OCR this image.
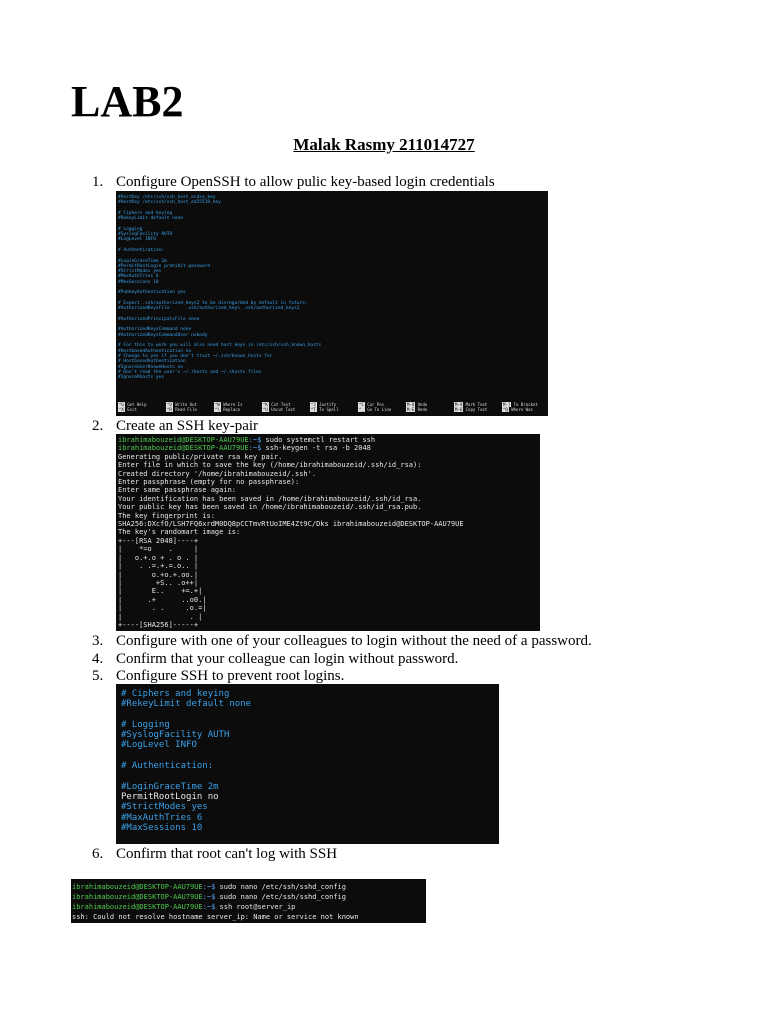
LAB2
Malak Rasmy 211014727
1. Configure OpenSSH to allow pulic key-based login credentials
#HostKey /etc/ssh/ssh_host_ecdsa_key
#HostKey /etc/ssh/ssh_host_ed25519_key

# Ciphers and keying
#RekeyLimit default none

# Logging
#SyslogFacility AUTH
#LogLevel INFO

# Authentication:

#LoginGraceTime 2m
#PermitRootLogin prohibit-password
#StrictModes yes
#MaxAuthTries 6
#MaxSessions 10

#PubkeyAuthentication yes

# Expect .ssh/authorized_keys2 to be disregarded by default in future.
#AuthorizedKeysFile      .ssh/authorized_keys .ssh/authorized_keys2

#AuthorizedPrincipalsFile none

#AuthorizedKeysCommand none
#AuthorizedKeysCommandUser nobody

# For this to work you will also need host keys in /etc/ssh/ssh_known_hosts
#HostbasedAuthentication no
# Change to yes if you don't trust ~/.ssh/known_hosts for
# HostbasedAuthentication
#IgnoreUserKnownHosts no
# Don't read the user's ~/.rhosts and ~/.shosts files
#IgnoreRhosts yes
^G Get Help
^X Exit
^O Write Out
^R Read File
^W Where Is
^\ Replace
^K Cut Text
^U Uncut Text
^J Justify
^T To Spell
^C Cur Pos
^_ Go To Line
M-U Undo
M-E Redo
M-A Mark Text
M-6 Copy Text
M-] To Bracket
^Q Where Was
2. Create an SSH key-pair
ibrahimabouzeid@DESKTOP-AAU79UE:~$ sudo systemctl restart ssh
ibrahimabouzeid@DESKTOP-AAU79UE:~$ ssh-keygen -t rsa -b 2048
Generating public/private rsa key pair.
Enter file in which to save the key (/home/ibrahimabouzeid/.ssh/id_rsa):
Created directory '/home/ibrahimabouzeid/.ssh'.
Enter passphrase (empty for no passphrase):
Enter same passphrase again:
Your identification has been saved in /home/ibrahimabouzeid/.ssh/id_rsa.
Your public key has been saved in /home/ibrahimabouzeid/.ssh/id_rsa.pub.
The key fingerprint is:
SHA256:DXcfO/LSH7FQ6xrdM0DQ8pCCTmvRtUoIME4Zt9C/Dks ibrahimabouzeid@DESKTOP-AAU79UE
The key's randomart image is:
+---[RSA 2048]----+
|    *=o    .     |
|   o.+.o + . o . |
|    . .=.+.=.o.. |
|       o.+o.+.oo.|
|        +S.. .o++|
|       E..    +=.+|
|      .+      ..o0.|
|       . .     .o.=|
|                . |
+----[SHA256]-----+
3. Configure with one of your colleagues to login without the need of a password.
4. Confirm that your colleague can login without password.
5. Configure SSH to prevent root logins.
# Ciphers and keying
#RekeyLimit default none

# Logging
#SyslogFacility AUTH
#LogLevel INFO

# Authentication:

#LoginGraceTime 2m
PermitRootLogin no
#StrictModes yes
#MaxAuthTries 6
#MaxSessions 10
6. Confirm that root can't log with SSH
ibrahimabouzeid@DESKTOP-AAU79UE:~$ sudo nano /etc/ssh/sshd_config
ibrahimabouzeid@DESKTOP-AAU79UE:~$ sudo nano /etc/ssh/sshd_config
ibrahimabouzeid@DESKTOP-AAU79UE:~$ ssh root@server_ip
ssh: Could not resolve hostname server_ip: Name or service not known
